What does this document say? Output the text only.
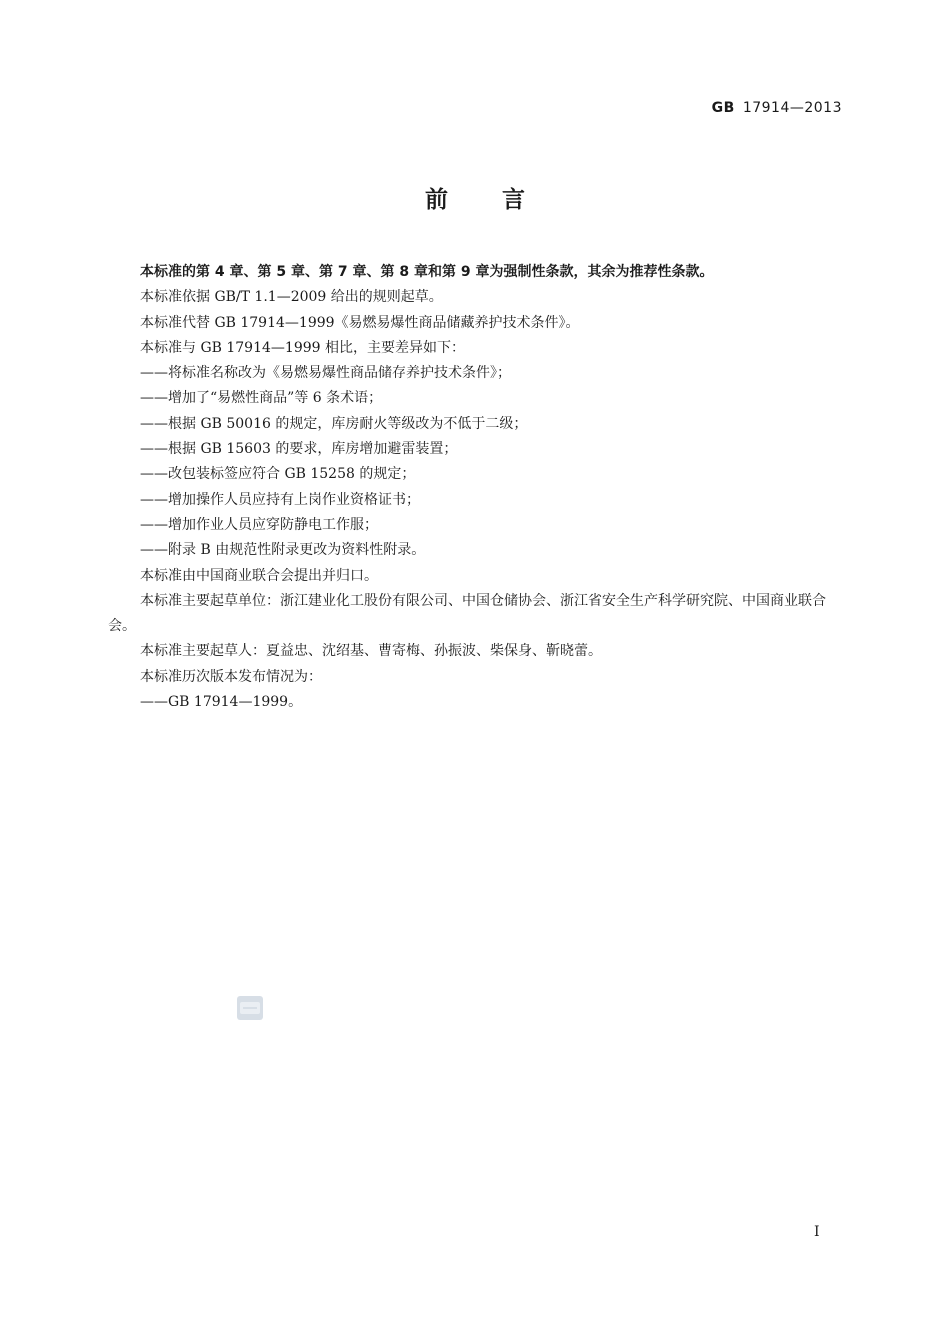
GB 17914—2013
前 言

本标准的第 4 章、第 5 章、第 7 章、第 8 章和第 9 章为强制性条款，其余为推荐性条款。

本标准依据 GB/T 1.1—2009 给出的规则起草。

本标准代替 GB 17914—1999《易燃易爆性商品储藏养护技术条件》。

本标准与 GB 17914—1999 相比，主要差异如下：

——将标准名称改为《易燃易爆性商品储存养护技术条件》；

——增加了“易燃性商品”等 6 条术语；

——根据 GB 50016 的规定，库房耐火等级改为不低于二级；

——根据 GB 15603 的要求，库房增加避雷装置；

——改包装标签应符合 GB 15258 的规定；

——增加操作人员应持有上岗作业资格证书；

——增加作业人员应穿防静电工作服；

——附录 B 由规范性附录更改为资料性附录。

本标准由中国商业联合会提出并归口。

本标准主要起草单位：浙江建业化工股份有限公司、中国仓储协会、浙江省安全生产科学研究院、中国商业联合会。

本标准主要起草人：夏益忠、沈绍基、曹寄梅、孙振波、柴保身、靳晓蕾。

本标准历次版本发布情况为：

——GB 17914—1999。

I
